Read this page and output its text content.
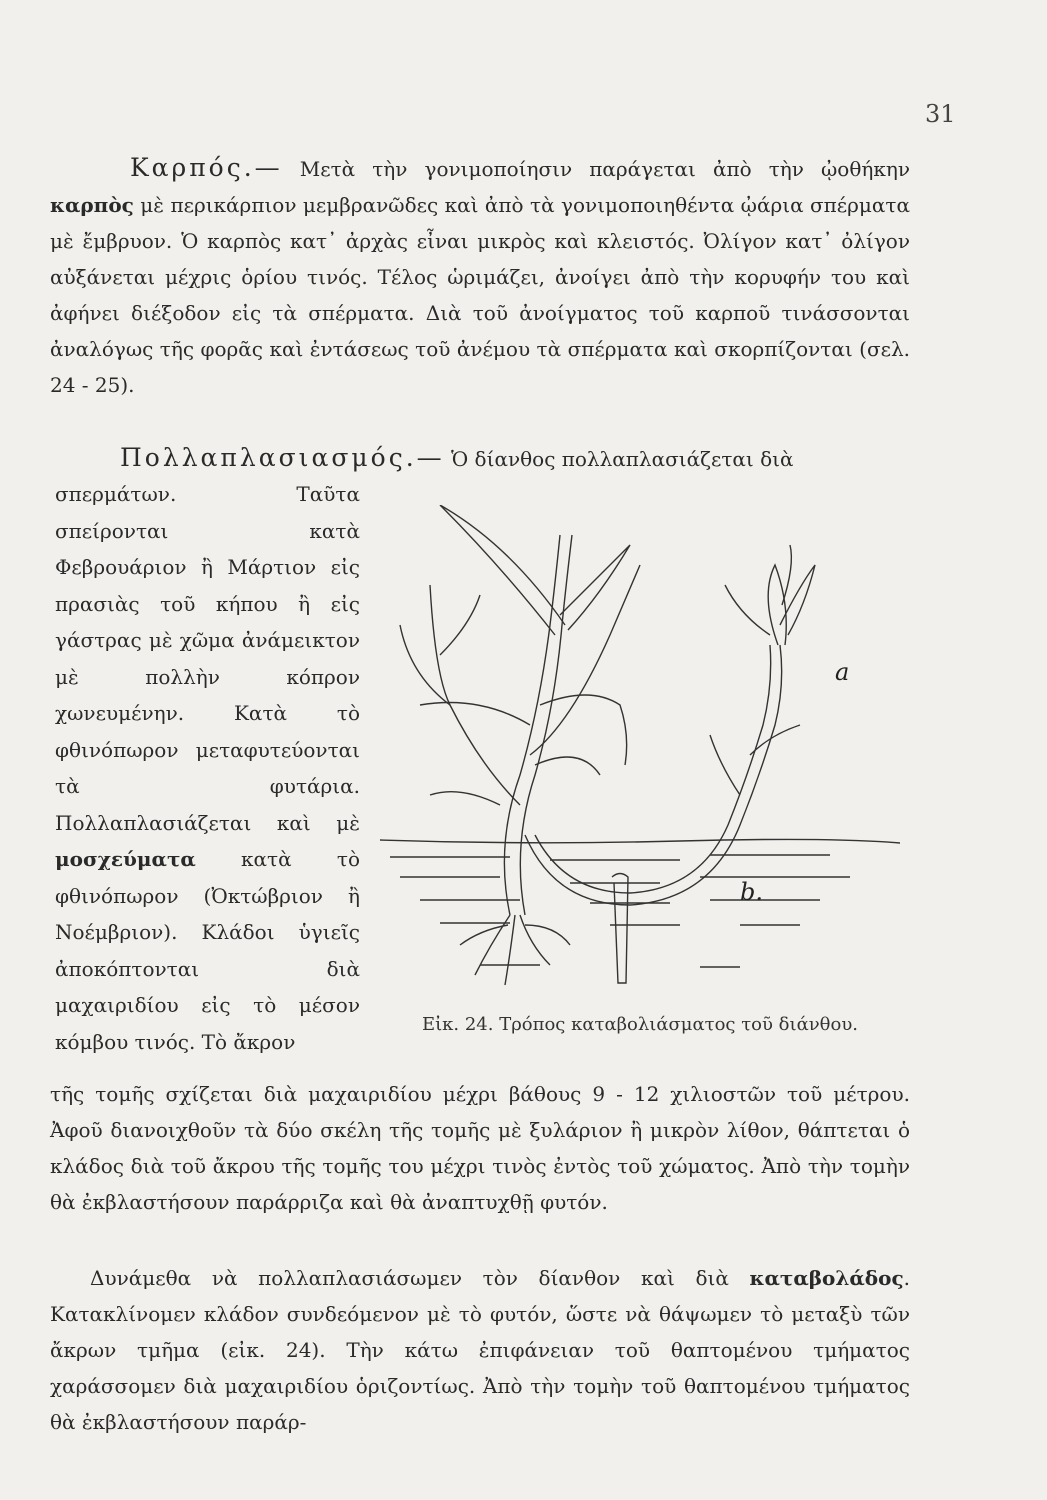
31
Καρπός.— Μετὰ τὴν γονιμοποίησιν παράγεται ἀπὸ τὴν ᾠοθήκην καρπὸς μὲ περικάρπιον μεμβρανῶδες καὶ ἀπὸ τὰ γονιμοποιηθέντα ᾠάρια σπέρματα μὲ ἔμβρυον. Ὁ καρπὸς κατ᾽ ἀρχὰς εἶναι μικρὸς καὶ κλειστός. Ὀλίγον κατ᾽ ὀλίγον αὐξάνεται μέχρις ὁρίου τινός. Τέλος ὡριμάζει, ἀνοίγει ἀπὸ τὴν κορυφήν του καὶ ἀφήνει διέξοδον εἰς τὰ σπέρματα. Διὰ τοῦ ἀνοίγματος τοῦ καρποῦ τινάσσονται ἀναλόγως τῆς φορᾶς καὶ ἐντάσεως τοῦ ἀνέμου τὰ σπέρματα καὶ σκορπίζονται (σελ. 24 - 25).
Πολλαπλασιασμός.— Ὁ δίανθος πολλαπλασιάζεται διὰ
σπερμάτων. Ταῦτα σπείρονται κατὰ Φεβρουάριον ἢ Μάρτιον εἰς πρασιὰς τοῦ κήπου ἢ εἰς γάστρας μὲ χῶμα ἀνάμεικτον μὲ πολλὴν κόπρον χωνευμένην. Κατὰ τὸ φθινόπωρον μεταφυτεύονται τὰ φυτάρια. Πολλαπλασιάζεται καὶ μὲ μοσχεύματα κατὰ τὸ φθινόπωρον (Ὀκτώβριον ἢ Νοέμβριον). Κλάδοι ὑγιεῖς ἀποκόπτονται διὰ μαχαιριδίου εἰς τὸ μέσον κόμβου τινός. Τὸ ἄκρον
a
b.
Εἰκ. 24. Τρόπος καταβολιάσματος τοῦ διάνθου.
τῆς τομῆς σχίζεται διὰ μαχαιριδίου μέχρι βάθους 9 - 12 χιλιοστῶν τοῦ μέτρου. Ἀφοῦ διανοιχθοῦν τὰ δύο σκέλη τῆς τομῆς μὲ ξυλάριον ἢ μικρὸν λίθον, θάπτεται ὁ κλάδος διὰ τοῦ ἄκρου τῆς τομῆς του μέχρι τινὸς ἐντὸς τοῦ χώματος. Ἀπὸ τὴν τομὴν θὰ ἐκβλαστήσουν παράρριζα καὶ θὰ ἀναπτυχθῇ φυτόν.
Δυνάμεθα νὰ πολλαπλασιάσωμεν τὸν δίανθον καὶ διὰ καταβολάδος. Κατακλίνομεν κλάδον συνδεόμενον μὲ τὸ φυτόν, ὥστε νὰ θάψωμεν τὸ μεταξὺ τῶν ἄκρων τμῆμα (εἰκ. 24). Τὴν κάτω ἐπιφάνειαν τοῦ θαπτομένου τμήματος χαράσσομεν διὰ μαχαιριδίου ὁριζοντίως. Ἀπὸ τὴν τομὴν τοῦ θαπτομένου τμήματος θὰ ἐκβλαστήσουν παράρ-
